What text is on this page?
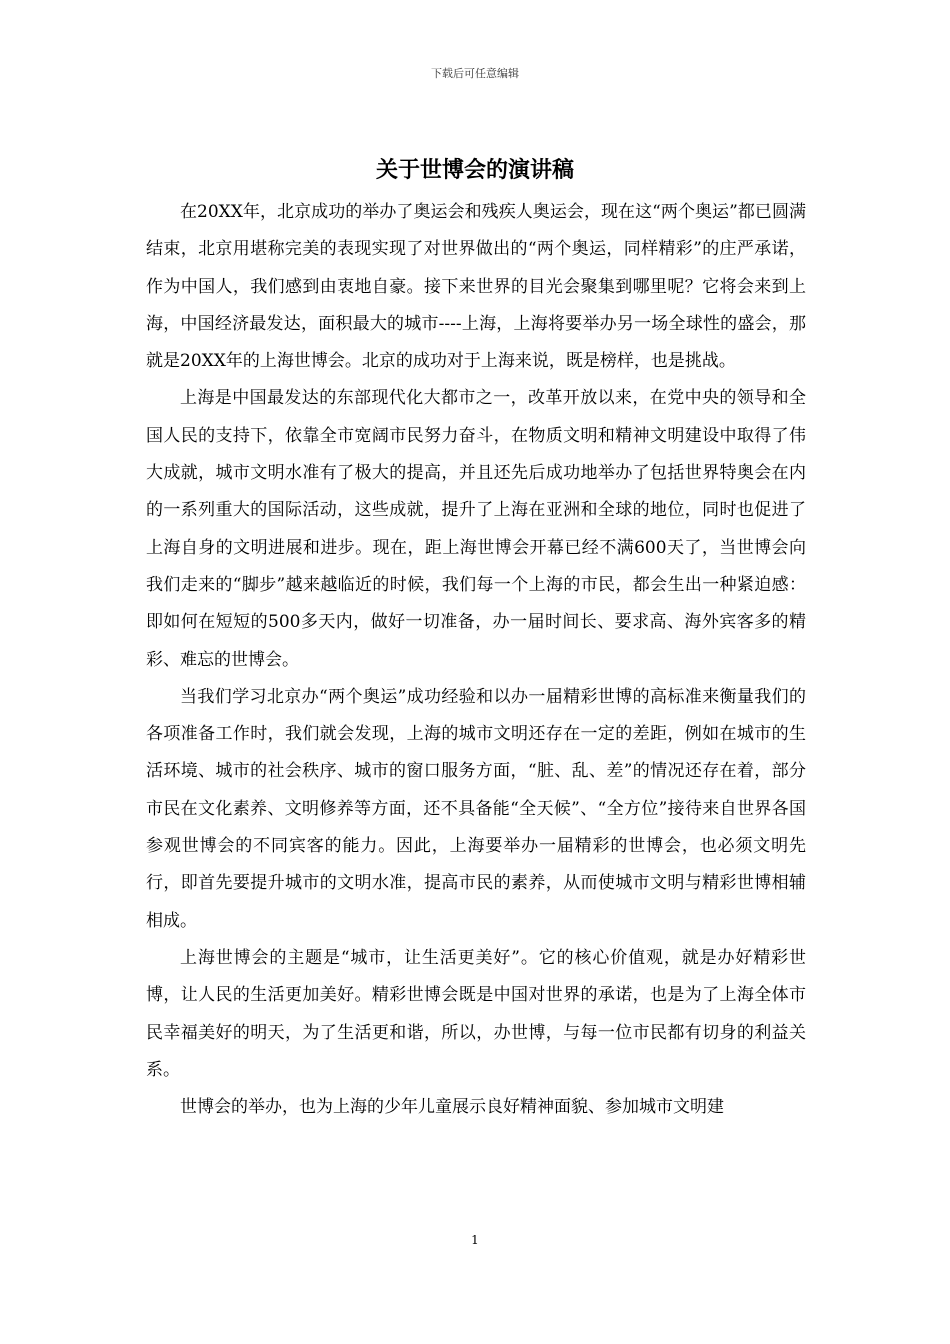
下载后可任意编辑
关于世博会的演讲稿

在20XX年，北京成功的举办了奥运会和残疾人奥运会，现在这“两个奥运”都已圆满结束，北京用堪称完美的表现实现了对世界做出的“两个奥运，同样精彩”的庄严承诺，作为中国人，我们感到由衷地自豪。接下来世界的目光会聚集到哪里呢？它将会来到上海，中国经济最发达，面积最大的城市----上海，上海将要举办另一场全球性的盛会，那就是20XX年的上海世博会。北京的成功对于上海来说，既是榜样，也是挑战。

上海是中国最发达的东部现代化大都市之一，改革开放以来，在党中央的领导和全国人民的支持下，依靠全市宽阔市民努力奋斗，在物质文明和精神文明建设中取得了伟大成就，城市文明水准有了极大的提高，并且还先后成功地举办了包括世界特奥会在内的一系列重大的国际活动，这些成就，提升了上海在亚洲和全球的地位，同时也促进了上海自身的文明进展和进步。现在，距上海世博会开幕已经不满600天了，当世博会向我们走来的“脚步”越来越临近的时候，我们每一个上海的市民，都会生出一种紧迫感：即如何在短短的500多天内，做好一切准备，办一届时间长、要求高、海外宾客多的精彩、难忘的世博会。

当我们学习北京办“两个奥运”成功经验和以办一届精彩世博的高标准来衡量我们的各项准备工作时，我们就会发现，上海的城市文明还存在一定的差距，例如在城市的生活环境、城市的社会秩序、城市的窗口服务方面，“脏、乱、差”的情况还存在着，部分市民在文化素养、文明修养等方面，还不具备能“全天候”、“全方位”接待来自世界各国参观世博会的不同宾客的能力。因此，上海要举办一届精彩的世博会，也必须文明先行，即首先要提升城市的文明水准，提高市民的素养，从而使城市文明与精彩世博相辅相成。

上海世博会的主题是“城市，让生活更美好”。它的核心价值观，就是办好精彩世博，让人民的生活更加美好。精彩世博会既是中国对世界的承诺，也是为了上海全体市民幸福美好的明天，为了生活更和谐，所以，办世博，与每一位市民都有切身的利益关系。

世博会的举办，也为上海的少年儿童展示良好精神面貌、参加城市文明建

1
